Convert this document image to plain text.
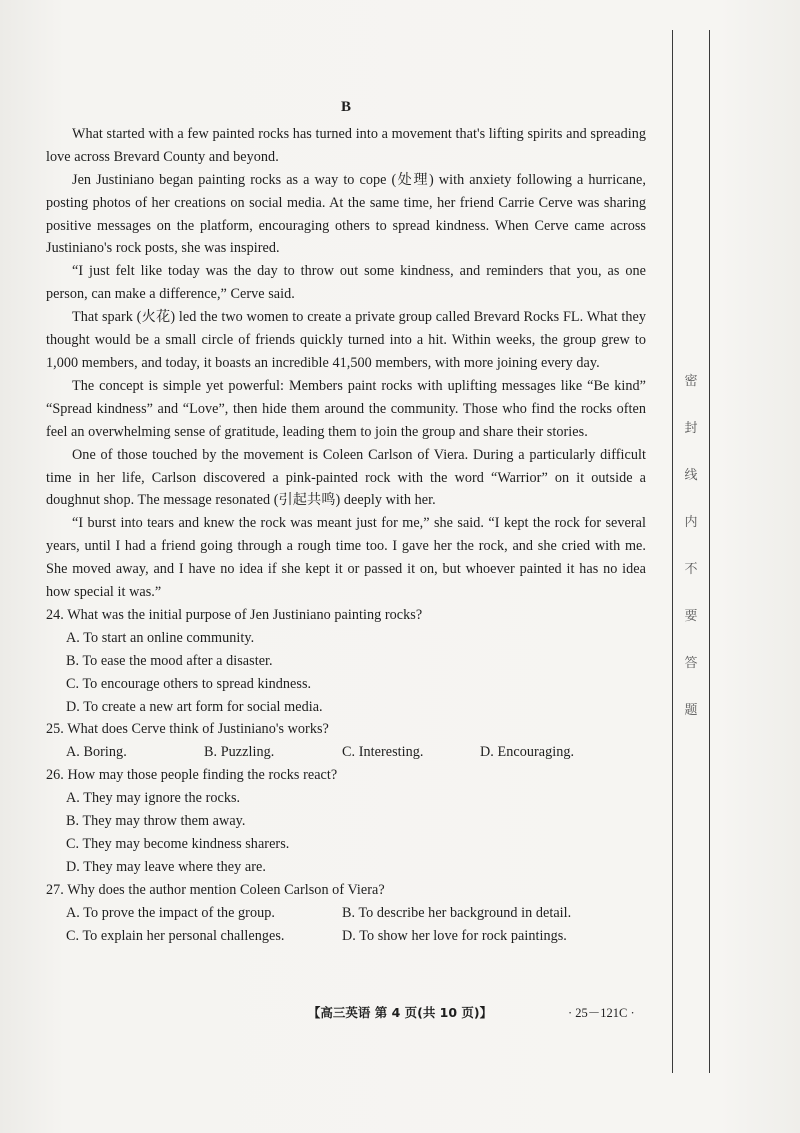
密
封
线
内
不
要
答
题
B

What started with a few painted rocks has turned into a movement that's lifting spirits and spreading love across Brevard County and beyond.

Jen Justiniano began painting rocks as a way to cope (处理) with anxiety following a hurricane, posting photos of her creations on social media. At the same time, her friend Carrie Cerve was sharing positive messages on the platform, encouraging others to spread kindness. When Cerve came across Justiniano's rock posts, she was inspired.

“I just felt like today was the day to throw out some kindness, and reminders that you, as one person, can make a difference,” Cerve said.

That spark (火花) led the two women to create a private group called Brevard Rocks FL. What they thought would be a small circle of friends quickly turned into a hit. Within weeks, the group grew to 1,000 members, and today, it boasts an incredible 41,500 members, with more joining every day.

The concept is simple yet powerful: Members paint rocks with uplifting messages like “Be kind” “Spread kindness” and “Love”, then hide them around the community. Those who find the rocks often feel an overwhelming sense of gratitude, leading them to join the group and share their stories.

One of those touched by the movement is Coleen Carlson of Viera. During a particularly difficult time in her life, Carlson discovered a pink-painted rock with the word “Warrior” on it outside a doughnut shop. The message resonated (引起共鸣) deeply with her.

“I burst into tears and knew the rock was meant just for me,” she said. “I kept the rock for several years, until I had a friend going through a rough time too. I gave her the rock, and she cried with me. She moved away, and I have no idea if she kept it or passed it on, but whoever painted it has no idea how special it was.”

24. What was the initial purpose of Jen Justiniano painting rocks?
A. To start an online community.
B. To ease the mood after a disaster.
C. To encourage others to spread kindness.
D. To create a new art form for social media.
25. What does Cerve think of Justiniano's works?
A. Boring.	B. Puzzling.	C. Interesting.	D. Encouraging.
26. How may those people finding the rocks react?
A. They may ignore the rocks.
B. They may throw them away.
C. They may become kindness sharers.
D. They may leave where they are.
27. Why does the author mention Coleen Carlson of Viera?
A. To prove the impact of the group.	B. To describe her background in detail.
C. To explain her personal challenges.	D. To show her love for rock paintings.
【高三英语 第 4 页(共 10 页)】	· 25－121C ·
